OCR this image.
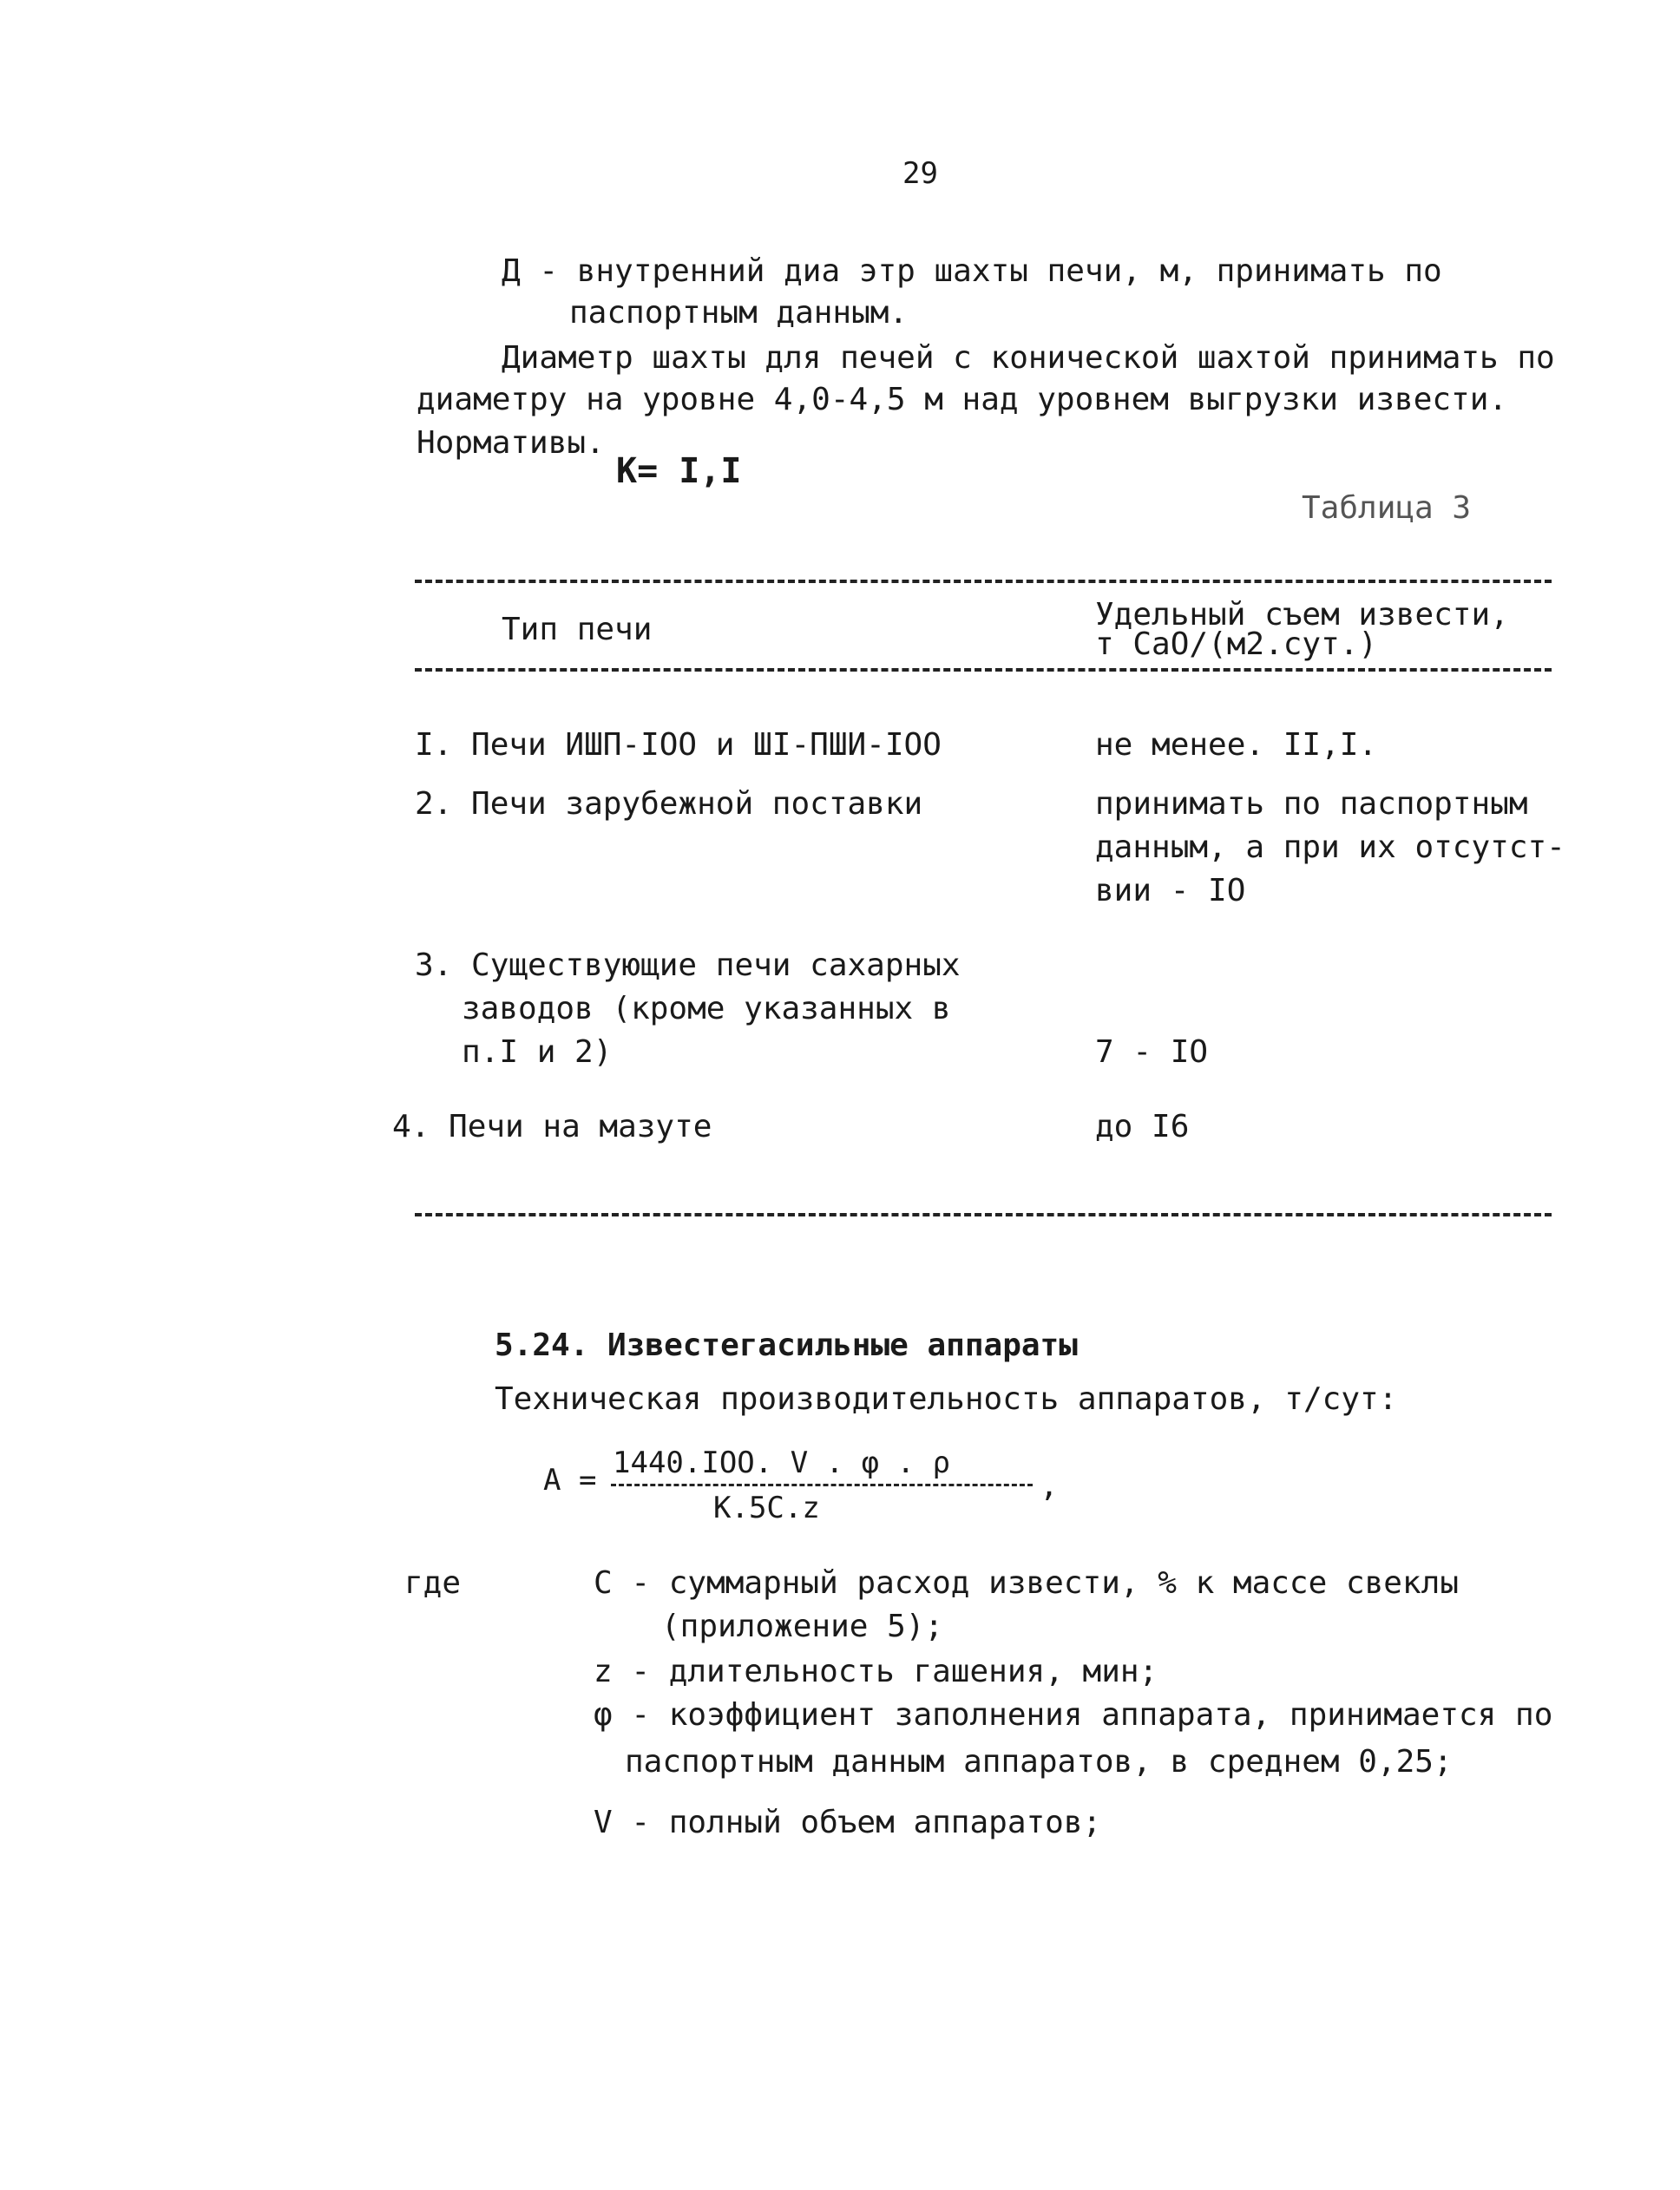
29
Д - внутренний диа этр шахты печи, м, принимать по
паспортным данным.
Диаметр шахты для печей с конической шахтой принимать по
диаметру на уровне 4,0-4,5 м над уровнем выгрузки извести.
Нормативы.
К= I,I
Таблица 3
Тип печи	Удельный съем извести,
т СаО/(м2.сут.)
I. Печи ИШП-IOO и ШI-ПШИ-IOO	не менее. II,I.
2. Печи зарубежной поставки	принимать по паспортным
данным, а при их отсутст-
вии - IO
3. Существующие печи сахарных
заводов (кроме указанных в
п.I и 2)	7 - IO
4. Печи на мазуте	до I6
5.24. Известегасильные аппараты
Техническая производительность аппаратов, т/сут:
А = 1440.IOO. V . φ . ρ
К.5С.z
,
где	С - суммарный расход извести, % к массе свеклы
(приложение 5);
z - длительность гашения, мин;
φ - коэффициент заполнения аппарата, принимается по
паспортным данным аппаратов, в среднем 0,25;
V - полный объем аппаратов;
